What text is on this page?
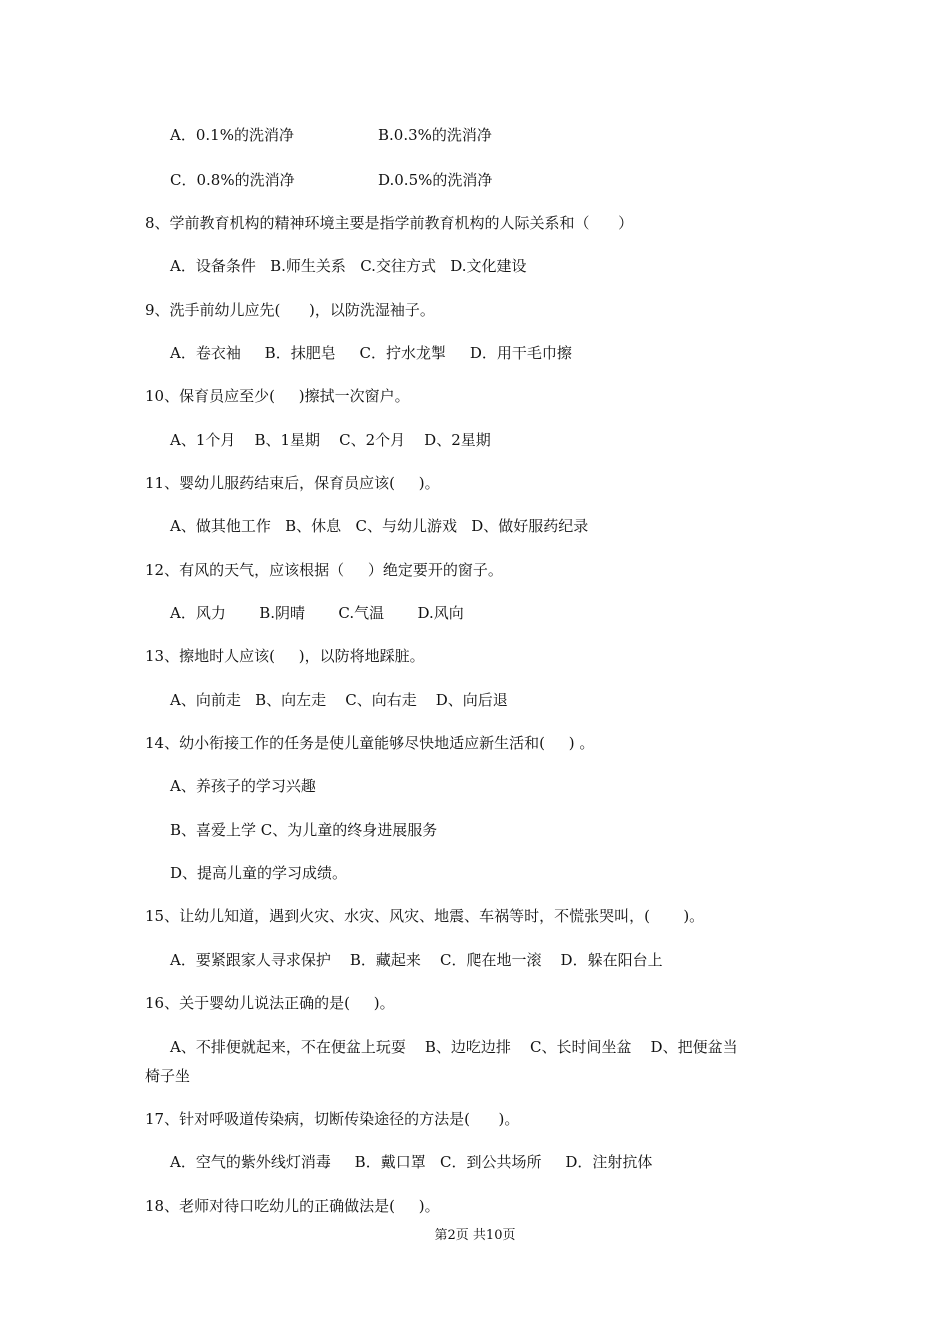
A．0.1%的洗消净	B.0.3%的洗消净
C．0.8%的洗消净	D.0.5%的洗消净
8、学前教育机构的精神环境主要是指学前教育机构的人际关系和（      ）
A．设备条件   B.师生关系   C.交往方式   D.文化建设
9、洗手前幼儿应先(      )，以防洗湿袖子。
A．卷衣袖     B．抹肥皂     C．拧水龙掣     D．用干毛巾擦
10、保育员应至少(     )擦拭一次窗户。
A、1个月    B、1星期    C、2个月    D、2星期
11、婴幼儿服药结束后，保育员应该(     )。
A、做其他工作   B、休息   C、与幼儿游戏   D、做好服药纪录
12、有风的天气，应该根据（     ）绝定要开的窗子。
A．风力       B.阴晴       C.气温       D.风向
13、擦地时人应该(     )，以防将地踩脏。
A、向前走   B、向左走    C、向右走    D、向后退
14、幼小衔接工作的任务是使儿童能够尽快地适应新生活和(     ) 。
A、养孩子的学习兴趣
B、喜爱上学 C、为儿童的终身进展服务
D、提高儿童的学习成绩。
15、让幼儿知道，遇到火灾、水灾、风灾、地震、车祸等时，不慌张哭叫，(       )。
A．要紧跟家人寻求保护    B．藏起来    C．爬在地一滚    D．躲在阳台上
16、关于婴幼儿说法正确的是(     )。
A、不排便就起来，不在便盆上玩耍    B、边吃边排    C、长时间坐盆    D、把便盆当
椅子坐
17、针对呼吸道传染病，切断传染途径的方法是(      )。
A．空气的紫外线灯消毒     B．戴口罩   C．到公共场所     D．注射抗体
18、老师对待口吃幼儿的正确做法是(     )。
第2页 共10页
